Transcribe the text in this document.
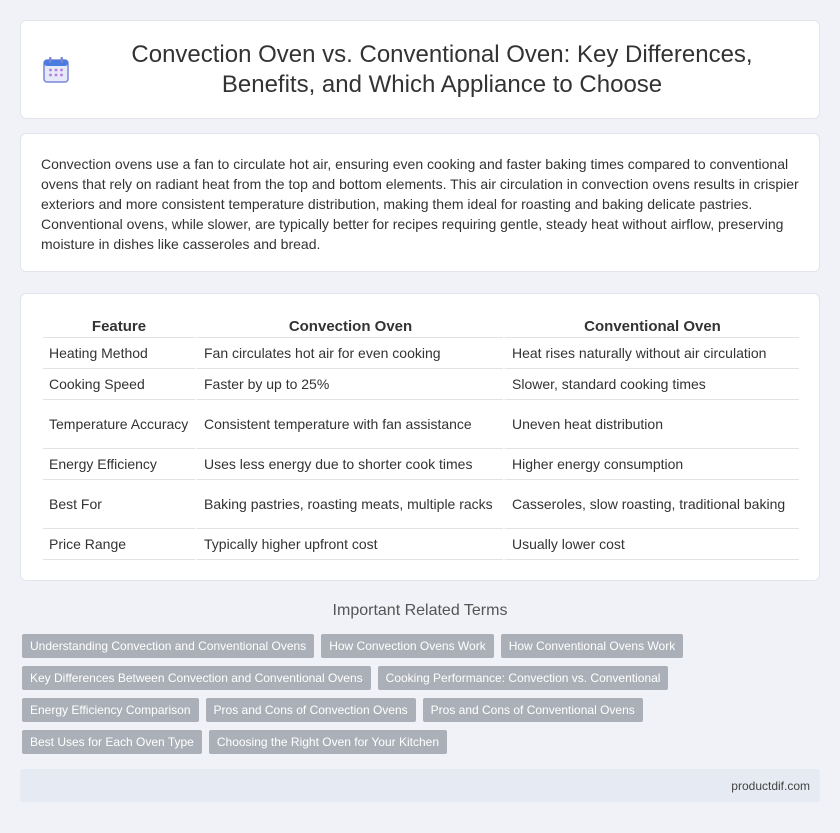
Convection Oven vs. Conventional Oven: Key Differences, Benefits, and Which Appliance to Choose

Convection ovens use a fan to circulate hot air, ensuring even cooking and faster baking times compared to conventional ovens that rely on radiant heat from the top and bottom elements. This air circulation in convection ovens results in crispier exteriors and more consistent temperature distribution, making them ideal for roasting and baking delicate pastries. Conventional ovens, while slower, are typically better for recipes requiring gentle, steady heat without airflow, preserving moisture in dishes like casseroles and bread.

Feature	Convection Oven	Conventional Oven
Heating Method	Fan circulates hot air for even cooking	Heat rises naturally without air circulation
Cooking Speed	Faster by up to 25%	Slower, standard cooking times
Temperature Accuracy	Consistent temperature with fan assistance	Uneven heat distribution
Energy Efficiency	Uses less energy due to shorter cook times	Higher energy consumption
Best For	Baking pastries, roasting meats, multiple racks	Casseroles, slow roasting, traditional baking
Price Range	Typically higher upfront cost	Usually lower cost
Important Related Terms
Understanding Convection and Conventional Ovens	How Convection Ovens Work	How Conventional Ovens Work
Key Differences Between Convection and Conventional Ovens	Cooking Performance: Convection vs. Conventional
Energy Efficiency Comparison	Pros and Cons of Convection Ovens	Pros and Cons of Conventional Ovens
Best Uses for Each Oven Type	Choosing the Right Oven for Your Kitchen
productdif.com
